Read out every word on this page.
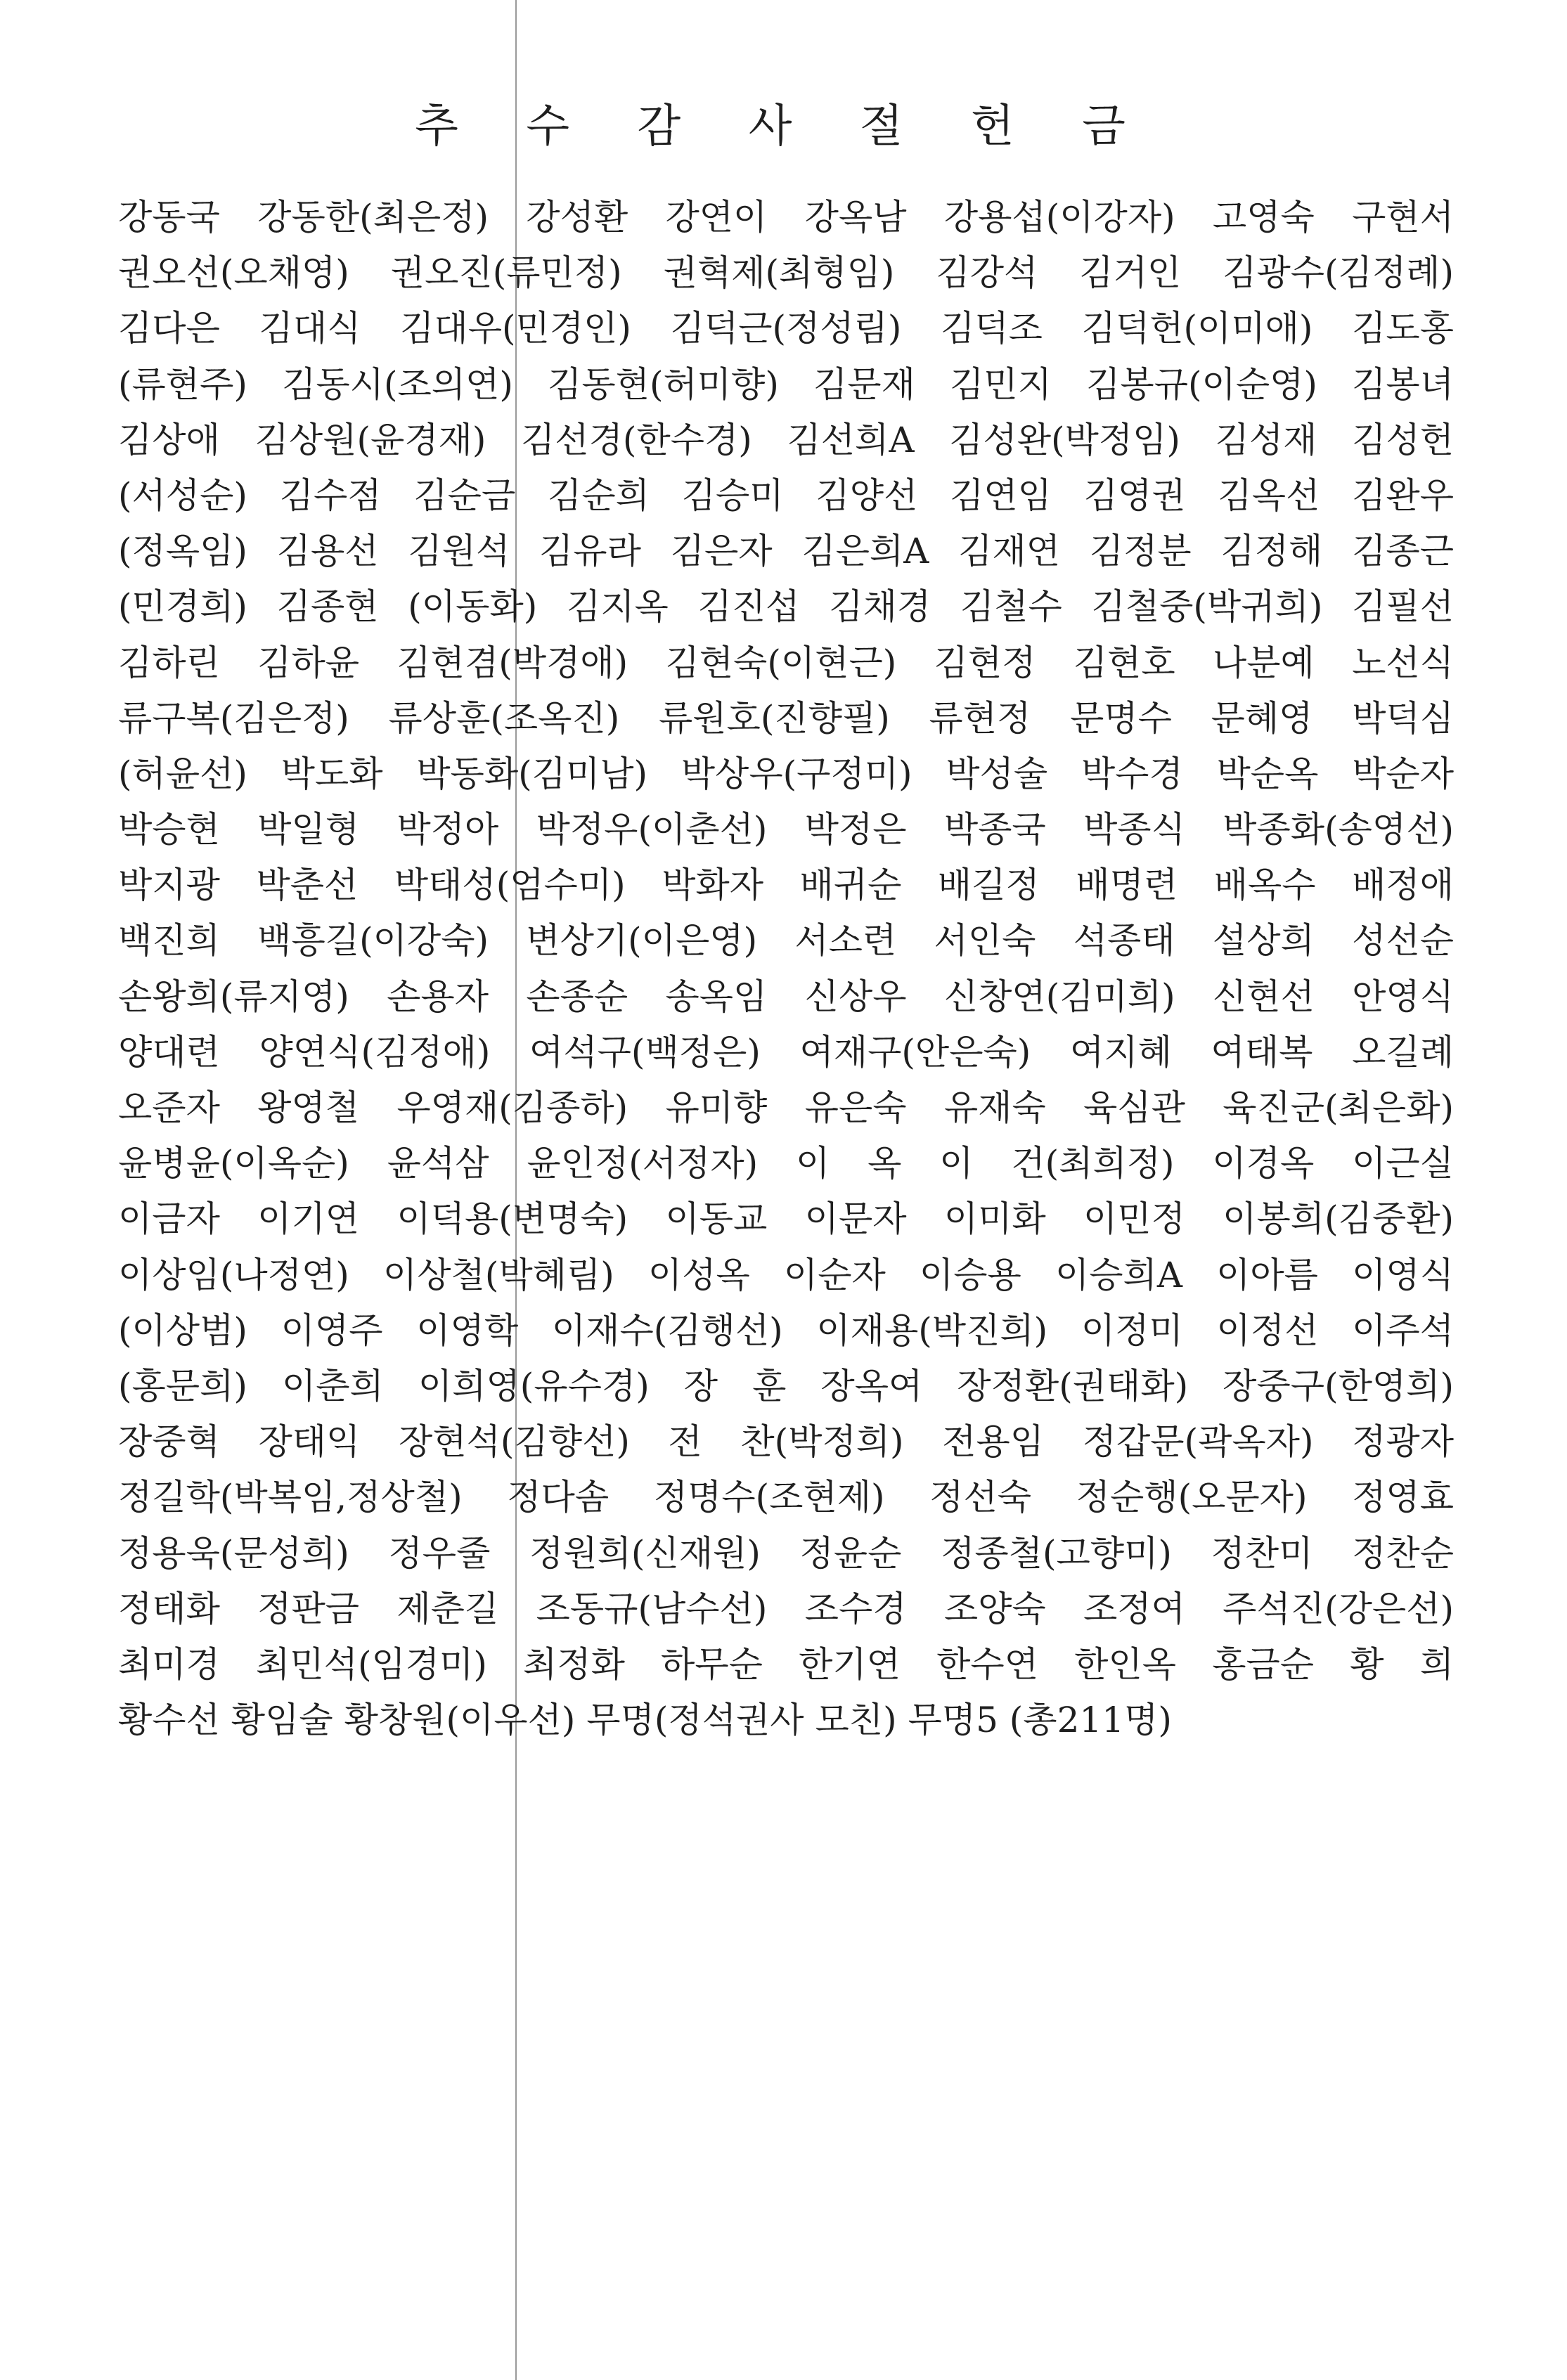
추 수 감 사 절 헌 금
강동국 강동한(최은정) 강성환 강연이 강옥남 강용섭(이강자) 고영숙 구현서
권오선(오채영) 권오진(류민정) 권혁제(최형임) 김강석 김거인 김광수(김정례)
김다은 김대식 김대우(민경인) 김덕근(정성림) 김덕조 김덕헌(이미애) 김도홍
(류현주) 김동시(조의연) 김동현(허미향) 김문재 김민지 김봉규(이순영) 김봉녀
김상애 김상원(윤경재) 김선경(한수경) 김선희A 김성완(박정임) 김성재 김성헌
(서성순) 김수점 김순금 김순희 김승미 김양선 김연임 김영권 김옥선 김완우
(정옥임) 김용선 김원석 김유라 김은자 김은희A 김재연 김정분 김정해 김종근
(민경희) 김종현 (이동화) 김지옥 김진섭 김채경 김철수 김철중(박귀희) 김필선
김하린 김하윤 김현겸(박경애) 김현숙(이현근) 김현정 김현호 나분예 노선식
류구복(김은정) 류상훈(조옥진) 류원호(진향필) 류현정 문명수 문혜영 박덕심
(허윤선) 박도화 박동화(김미남) 박상우(구정미) 박성술 박수경 박순옥 박순자
박승현 박일형 박정아 박정우(이춘선) 박정은 박종국 박종식 박종화(송영선)
박지광 박춘선 박태성(엄수미) 박화자 배귀순 배길정 배명련 배옥수 배정애
백진희 백흥길(이강숙) 변상기(이은영) 서소련 서인숙 석종태 설상희 성선순
손왕희(류지영) 손용자 손종순 송옥임 신상우 신창연(김미희) 신현선 안영식
양대련 양연식(김정애) 여석구(백정은) 여재구(안은숙) 여지혜 여태복 오길례
오준자 왕영철 우영재(김종하) 유미향 유은숙 유재숙 육심관 육진군(최은화)
윤병윤(이옥순) 윤석삼 윤인정(서정자) 이 옥 이 건(최희정) 이경옥 이근실
이금자 이기연 이덕용(변명숙) 이동교 이문자 이미화 이민정 이봉희(김중환)
이상임(나정연) 이상철(박혜림) 이성옥 이순자 이승용 이승희A 이아름 이영식
(이상범) 이영주 이영학 이재수(김행선) 이재용(박진희) 이정미 이정선 이주석
(홍문희) 이춘희 이희영(유수경) 장 훈 장옥여 장정환(권태화) 장중구(한영희)
장중혁 장태익 장현석(김향선) 전 찬(박정희) 전용임 정갑문(곽옥자) 정광자
정길학(박복임,정상철) 정다솜 정명수(조현제) 정선숙 정순행(오문자) 정영효
정용욱(문성희) 정우줄 정원희(신재원) 정윤순 정종철(고향미) 정찬미 정찬순
정태화 정판금 제춘길 조동규(남수선) 조수경 조양숙 조정여 주석진(강은선)
최미경 최민석(임경미) 최정화 하무순 한기연 한수연 한인옥 홍금순 황 희
황수선 황임술 황창원(이우선) 무명(정석권사 모친) 무명5 (총211명)
